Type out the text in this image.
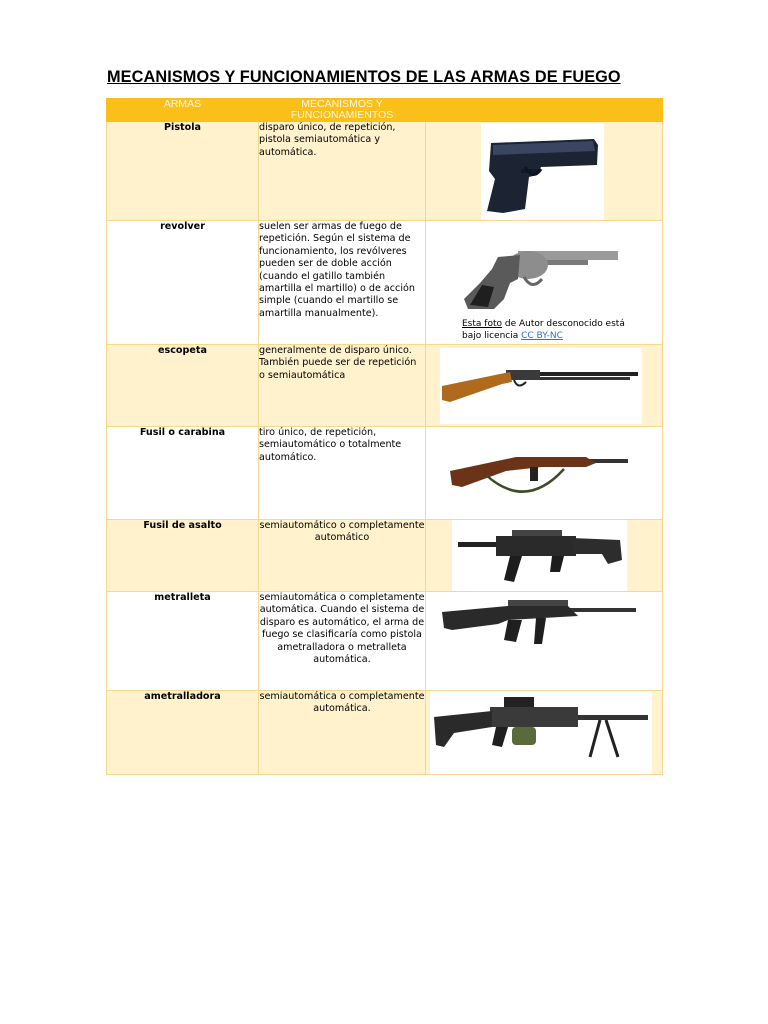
MECANISMOS Y FUNCIONAMIENTOS DE LAS ARMAS DE FUEGO
ARMAS	MECANISMOS Y FUNCIONAMIENTOS	
Pistola	disparo único, de repetición, pistola semiautomática y automática.	

revolver	suelen ser armas de fuego de repetición. Según el sistema de funcionamiento, los revólveres pueden ser de doble acción (cuando el gatillo también amartilla el martillo) o de acción simple (cuando el martillo se amartilla manualmente).	Esta foto de Autor desconocido está bajo licencia CC BY-NC

escopeta	generalmente de disparo único. También puede ser de repetición o semiautomática	

Fusil o carabina	tiro único, de repetición, semiautomático o totalmente automático.	

Fusil de asalto	semiautomático o completamente automático	

metralleta	semiautomática o completamente automática. Cuando el sistema de disparo es automático, el arma de fuego se clasificaría como pistola ametralladora o metralleta automática.	

ametralladora	semiautomática o completamente automática.	
